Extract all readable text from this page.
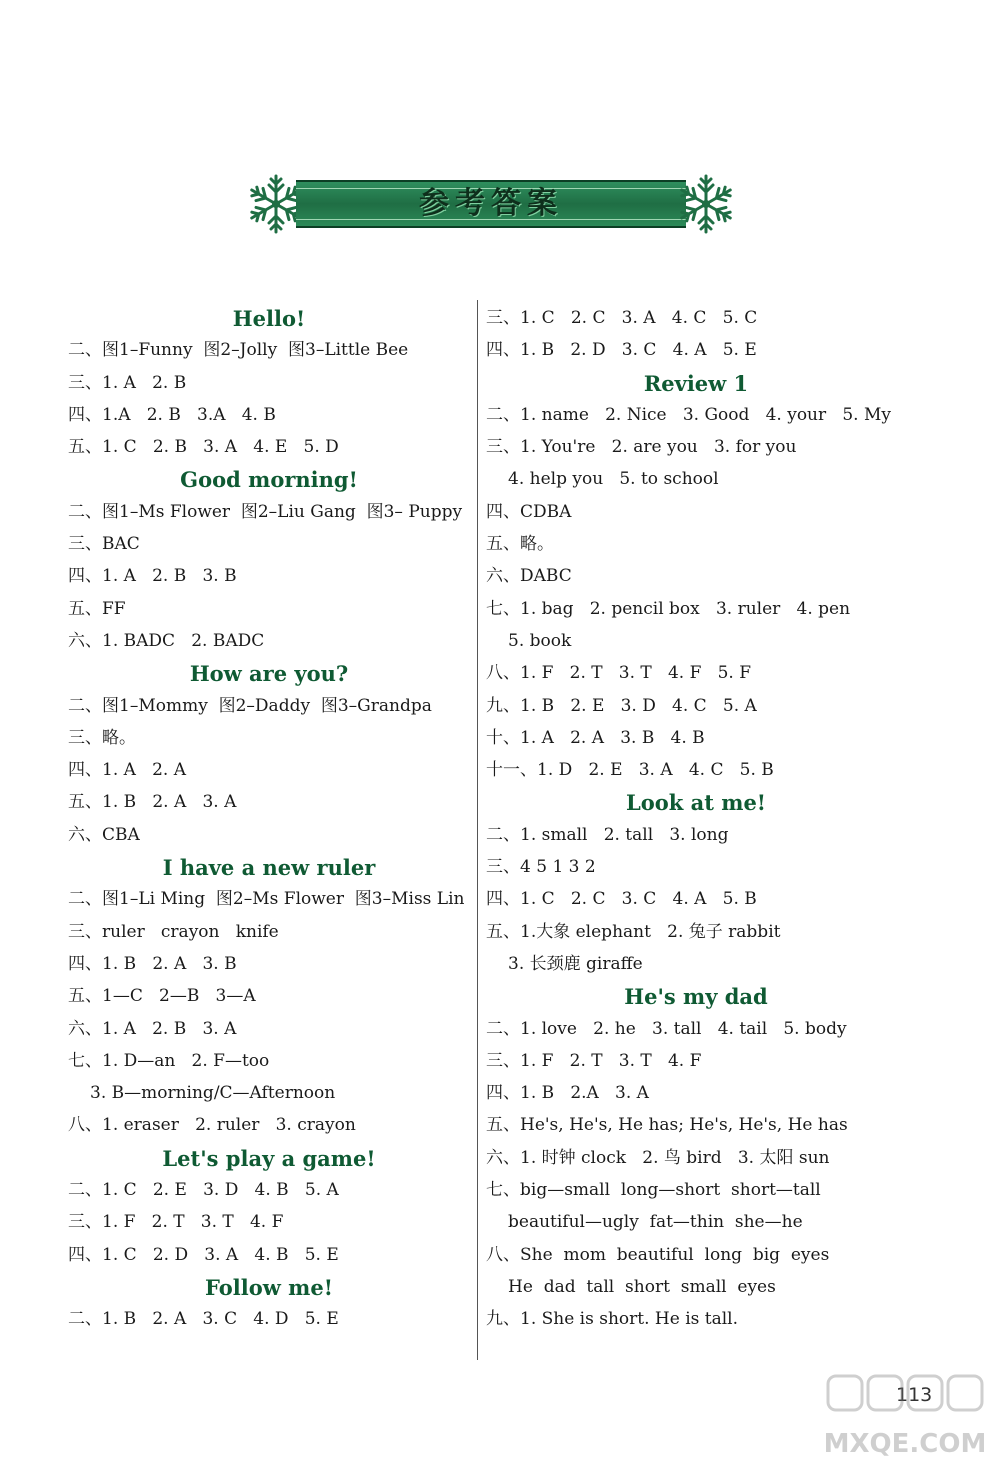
参考答案
Hello!
二、图1–Funny  图2–Jolly  图3–Little Bee
三、1. A   2. B
四、1.A   2. B   3.A   4. B
五、1. C   2. B   3. A   4. E   5. D
Good morning!
二、图1–Ms Flower  图2–Liu Gang  图3– Puppy
三、BAC
四、1. A   2. B   3. B
五、FF
六、1. BADC   2. BADC
How are you?
二、图1–Mommy  图2–Daddy  图3–Grandpa
三、略。
四、1. A   2. A
五、1. B   2. A   3. A
六、CBA
I have a new ruler
二、图1–Li Ming  图2–Ms Flower  图3–Miss Lin
三、ruler   crayon   knife
四、1. B   2. A   3. B
五、1—C   2—B   3—A
六、1. A   2. B   3. A
七、1. D—an   2. F—too
3. B—morning/C—Afternoon
八、1. eraser   2. ruler   3. crayon
Let's play a game!
二、1. C   2. E   3. D   4. B   5. A
三、1. F   2. T   3. T   4. F
四、1. C   2. D   3. A   4. B   5. E
Follow me!
二、1. B   2. A   3. C   4. D   5. E
三、1. C   2. C   3. A   4. C   5. C
四、1. B   2. D   3. C   4. A   5. E
Review 1
二、1. name   2. Nice   3. Good   4. your   5. My
三、1. You're   2. are you   3. for you
4. help you   5. to school
四、CDBA
五、略。
六、DABC
七、1. bag   2. pencil box   3. ruler   4. pen
5. book
八、1. F   2. T   3. T   4. F   5. F
九、1. B   2. E   3. D   4. C   5. A
十、1. A   2. A   3. B   4. B
十一、1. D   2. E   3. A   4. C   5. B
Look at me!
二、1. small   2. tall   3. long
三、4 5 1 3 2
四、1. C   2. C   3. C   4. A   5. B
五、1.大象 elephant   2. 兔子 rabbit
3. 长颈鹿 giraffe
He's my dad
二、1. love   2. he   3. tall   4. tail   5. body
三、1. F   2. T   3. T   4. F
四、1. B   2.A   3. A
五、He's, He's, He has; He's, He's, He has
六、1. 时钟 clock   2. 鸟 bird   3. 太阳 sun
七、big—small  long—short  short—tall
beautiful—ugly  fat—thin  she—he
八、She  mom  beautiful  long  big  eyes
He  dad  tall  short  small  eyes
九、1. She is short. He is tall.
113
MXQE.COM
